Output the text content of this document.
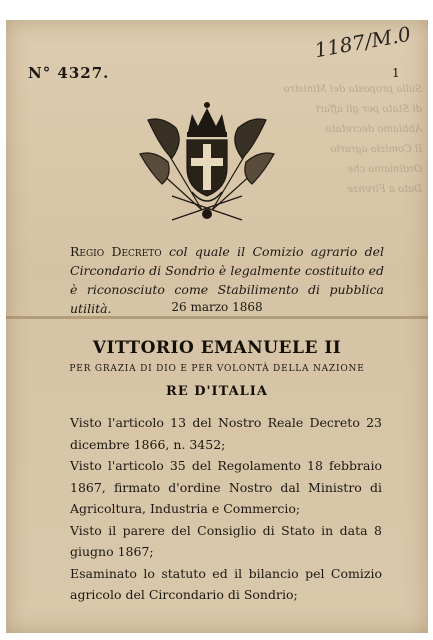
Sulla proposta del Ministro
di Stato per gli affari
Abbiamo decretato
Il Comizio agrario
Ordiniamo che
Dato a Firenze
1187/M.0
N° 4327.	1
Regio Decreto col quale il Comizio agrario del Circondario di Sondrio è legalmente costituito ed è riconosciuto come Stabilimento di pubblica utilità.	26 marzo 1868
VITTORIO EMANUELE II
PER GRAZIA DI DIO E PER VOLONTÀ DELLA NAZIONE
RE D'ITALIA

Visto l'articolo 13 del Nostro Reale Decreto 23 dicembre 1866, n. 3452;

Visto l'articolo 35 del Regolamento 18 febbraio 1867, firmato d'ordine Nostro dal Ministro di Agricoltura, Industria e Commercio;

Visto il parere del Consiglio di Stato in data 8 giugno 1867;

Esaminato lo statuto ed il bilancio pel Comizio agricolo del Circondario di Sondrio;
